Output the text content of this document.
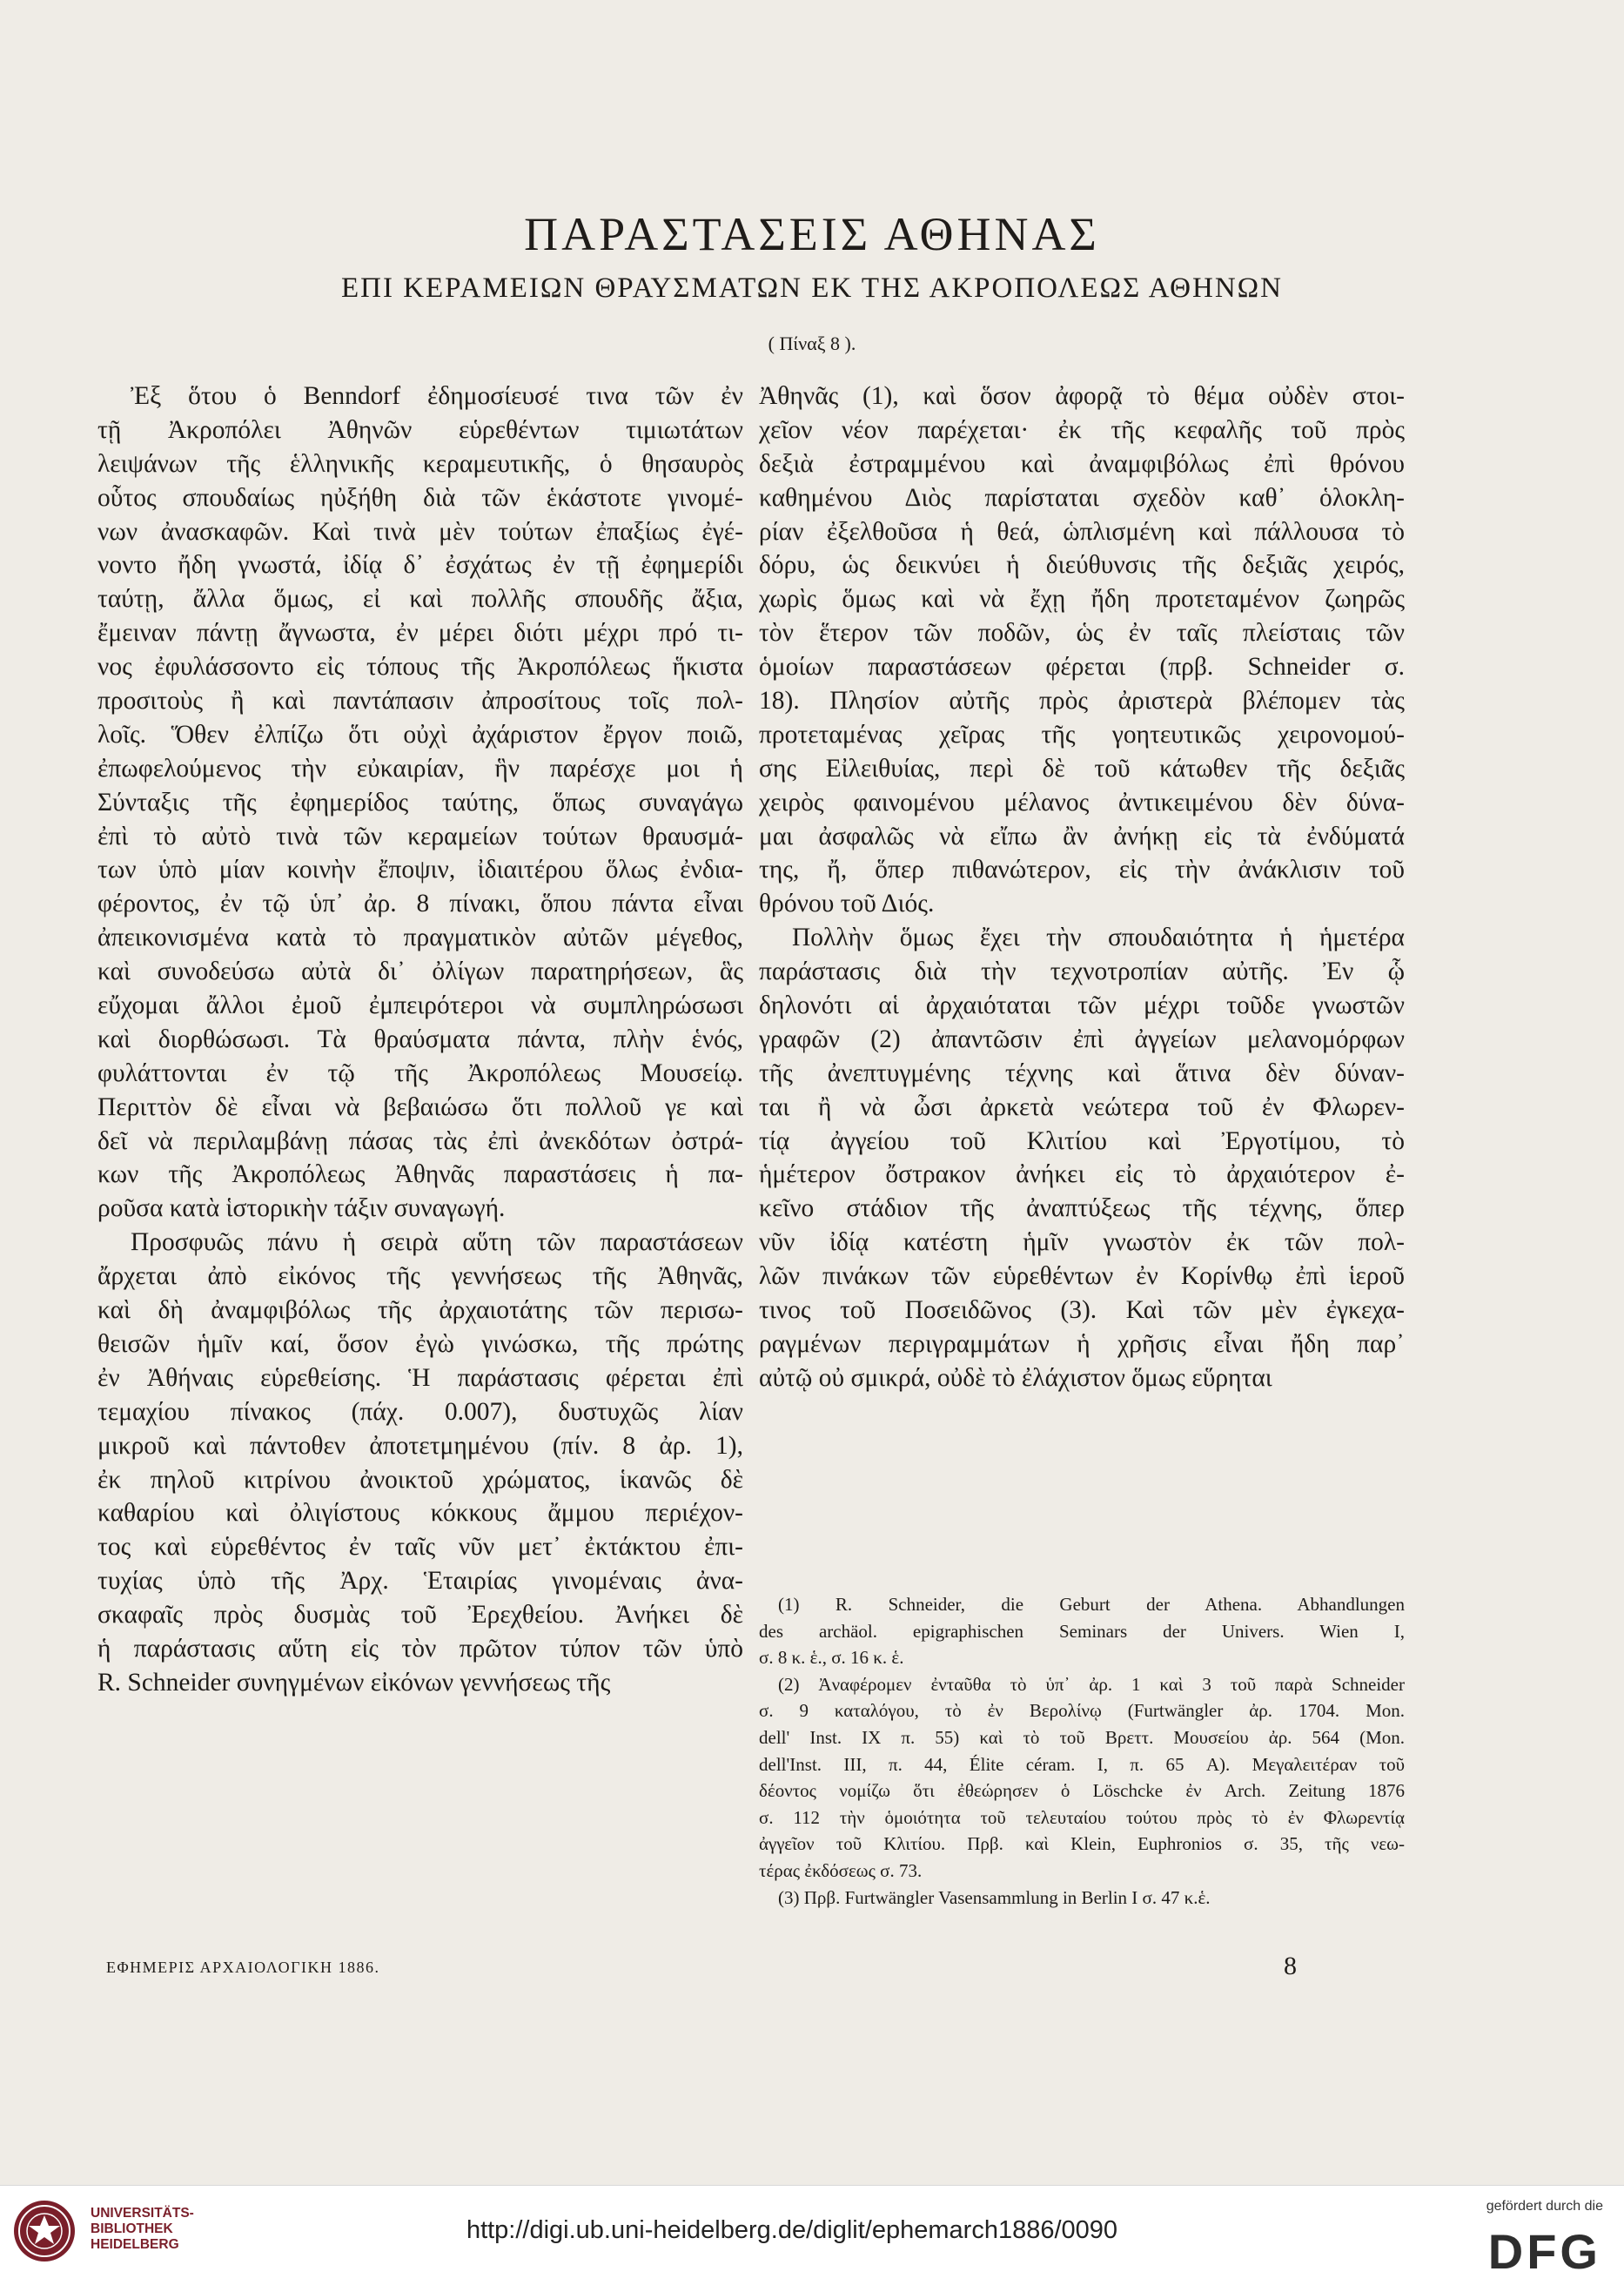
ΠΑΡΑΣΤΑΣΕΙΣ ΑΘΗΝΑΣ
ΕΠΙ ΚΕΡΑΜΕΙΩΝ ΘΡΑΥΣΜΑΤΩΝ ΕΚ ΤΗΣ ΑΚΡΟΠΟΛΕΩΣ ΑΘΗΝΩΝ
( Πίναξ 8 ).
Ἐξ ὅτου ὁ Benndorf ἐδημοσίευσέ τινα τῶν ἐν
τῇ Ἀκροπόλει Ἀθηνῶν εὑρεθέντων τιμιωτάτων
λειψάνων τῆς ἑλληνικῆς κεραμευτικῆς, ὁ θησαυρὸς
οὗτος σπουδαίως ηὐξήθη διὰ τῶν ἑκάστοτε γινομέ-
νων ἀνασκαφῶν. Καὶ τινὰ μὲν τούτων ἐπαξίως ἐγέ-
νοντο ἤδη γνωστά, ἰδίᾳ δ᾽ ἐσχάτως ἐν τῇ ἐφημερίδι
ταύτῃ, ἄλλα ὅμως, εἰ καὶ πολλῆς σπουδῆς ἄξια,
ἔμειναν πάντῃ ἄγνωστα, ἐν μέρει διότι μέχρι πρό τι-
νος ἐφυλάσσοντο εἰς τόπους τῆς Ἀκροπόλεως ἥκιστα
προσιτοὺς ἢ καὶ παντάπασιν ἀπροσίτους τοῖς πολ-
λοῖς. Ὅθεν ἐλπίζω ὅτι οὐχὶ ἀχάριστον ἔργον ποιῶ,
ἐπωφελούμενος τὴν εὐκαιρίαν, ἣν παρέσχε μοι ἡ
Σύνταξις τῆς ἐφημερίδος ταύτης, ὅπως συναγάγω
ἐπὶ τὸ αὐτὸ τινὰ τῶν κεραμείων τούτων θραυσμά-
των ὑπὸ μίαν κοινὴν ἔποψιν, ἰδιαιτέρου ὅλως ἐνδια-
φέροντος, ἐν τῷ ὑπ᾽ ἀρ. 8 πίνακι, ὅπου πάντα εἶναι
ἀπεικονισμένα κατὰ τὸ πραγματικὸν αὐτῶν μέγεθος,
καὶ συνοδεύσω αὐτὰ δι᾽ ὀλίγων παρατηρήσεων, ἃς
εὔχομαι ἄλλοι ἐμοῦ ἐμπειρότεροι νὰ συμπληρώσωσι
καὶ διορθώσωσι. Τὰ θραύσματα πάντα, πλὴν ἑνός,
φυλάττονται ἐν τῷ τῆς Ἀκροπόλεως Μουσείῳ.
Περιττὸν δὲ εἶναι νὰ βεβαιώσω ὅτι πολλοῦ γε καὶ
δεῖ νὰ περιλαμβάνῃ πάσας τὰς ἐπὶ ἀνεκδότων ὀστρά-
κων τῆς Ἀκροπόλεως Ἀθηνᾶς παραστάσεις ἡ πα-
ροῦσα κατὰ ἱστορικὴν τάξιν συναγωγή.
Προσφυῶς πάνυ ἡ σειρὰ αὕτη τῶν παραστάσεων
ἄρχεται ἀπὸ εἰκόνος τῆς γεννήσεως τῆς Ἀθηνᾶς,
καὶ δὴ ἀναμφιβόλως τῆς ἀρχαιοτάτης τῶν περισω-
θεισῶν ἡμῖν καί, ὅσον ἐγὼ γινώσκω, τῆς πρώτης
ἐν Ἀθήναις εὑρεθείσης. Ἡ παράστασις φέρεται ἐπὶ
τεμαχίου πίνακος (πάχ. 0.007), δυστυχῶς λίαν
μικροῦ καὶ πάντοθεν ἀποτετμημένου (πίν. 8 ἀρ. 1),
ἐκ πηλοῦ κιτρίνου ἀνοικτοῦ χρώματος, ἱκανῶς δὲ
καθαρίου καὶ ὀλιγίστους κόκκους ἄμμου περιέχον-
τος καὶ εὑρεθέντος ἐν ταῖς νῦν μετ᾽ ἐκτάκτου ἐπι-
τυχίας ὑπὸ τῆς Ἀρχ. Ἑταιρίας γινομέναις ἀνα-
σκαφαῖς πρὸς δυσμὰς τοῦ Ἐρεχθείου. Ἀνήκει δὲ
ἡ παράστασις αὕτη εἰς τὸν πρῶτον τύπον τῶν ὑπὸ
R. Schneider συνηγμένων εἰκόνων γεννήσεως τῆς
Ἀθηνᾶς (1), καὶ ὅσον ἀφορᾷ τὸ θέμα οὐδὲν στοι-
χεῖον νέον παρέχεται· ἐκ τῆς κεφαλῆς τοῦ πρὸς
δεξιὰ ἐστραμμένου καὶ ἀναμφιβόλως ἐπὶ θρόνου
καθημένου Διὸς παρίσταται σχεδὸν καθ᾽ ὁλοκλη-
ρίαν ἐξελθοῦσα ἡ θεά, ὡπλισμένη καὶ πάλλουσα τὸ
δόρυ, ὡς δεικνύει ἡ διεύθυνσις τῆς δεξιᾶς χειρός,
χωρὶς ὅμως καὶ νὰ ἔχῃ ἤδη προτεταμένον ζωηρῶς
τὸν ἕτερον τῶν ποδῶν, ὡς ἐν ταῖς πλείσταις τῶν
ὁμοίων παραστάσεων φέρεται (πρβ. Schneider σ.
18). Πλησίον αὐτῆς πρὸς ἀριστερὰ βλέπομεν τὰς
προτεταμένας χεῖρας τῆς γοητευτικῶς χειρονομού-
σης Εἰλειθυίας, περὶ δὲ τοῦ κάτωθεν τῆς δεξιᾶς
χειρὸς φαινομένου μέλανος ἀντικειμένου δὲν δύνα-
μαι ἀσφαλῶς νὰ εἴπω ἂν ἀνήκῃ εἰς τὰ ἐνδύματά
της, ἤ, ὅπερ πιθανώτερον, εἰς τὴν ἀνάκλισιν τοῦ
θρόνου τοῦ Διός.
Πολλὴν ὅμως ἔχει τὴν σπουδαιότητα ἡ ἡμετέρα
παράστασις διὰ τὴν τεχνοτροπίαν αὐτῆς. Ἐν ᾧ
δηλονότι αἱ ἀρχαιόταται τῶν μέχρι τοῦδε γνωστῶν
γραφῶν (2) ἀπαντῶσιν ἐπὶ ἀγγείων μελανομόρφων
τῆς ἀνεπτυγμένης τέχνης καὶ ἅτινα δὲν δύναν-
ται ἢ νὰ ὦσι ἀρκετὰ νεώτερα τοῦ ἐν Φλωρεν-
τίᾳ ἀγγείου τοῦ Κλιτίου καὶ Ἐργοτίμου, τὸ
ἡμέτερον ὄστρακον ἀνήκει εἰς τὸ ἀρχαιότερον ἐ-
κεῖνο στάδιον τῆς ἀναπτύξεως τῆς τέχνης, ὅπερ
νῦν ἰδίᾳ κατέστη ἡμῖν γνωστὸν ἐκ τῶν πολ-
λῶν πινάκων τῶν εὑρεθέντων ἐν Κορίνθῳ ἐπὶ ἱεροῦ
τινος τοῦ Ποσειδῶνος (3). Καὶ τῶν μὲν ἐγκεχα-
ραγμένων περιγραμμάτων ἡ χρῆσις εἶναι ἤδη παρ᾽
αὐτῷ οὐ σμικρά, οὐδὲ τὸ ἐλάχιστον ὅμως εὕρηται
(1) R. Schneider, die Geburt der Athena. Abhandlungen
des archäol. epigraphischen Seminars der Univers. Wien I,
σ. 8 κ. ἑ., σ. 16 κ. ἑ.
(2) Ἀναφέρομεν ἐνταῦθα τὸ ὑπ᾽ ἀρ. 1 καὶ 3 τοῦ παρὰ Schneider
σ. 9 καταλόγου, τὸ ἐν Βερολίνῳ (Furtwängler ἀρ. 1704. Mon.
dell' Inst. IX π. 55) καὶ τὸ τοῦ Βρεττ. Μουσείου ἀρ. 564 (Mon.
dell'Inst. III, π. 44, Élite céram. I, π. 65 A). Μεγαλειτέραν τοῦ
δέοντος νομίζω ὅτι ἐθεώρησεν ὁ Löschcke ἐν Arch. Zeitung 1876
σ. 112 τὴν ὁμοιότητα τοῦ τελευταίου τούτου πρὸς τὸ ἐν Φλωρεντίᾳ
ἀγγεῖον τοῦ Κλιτίου. Πρβ. καὶ Klein, Euphronios σ. 35, τῆς νεω-
τέρας ἐκδόσεως σ. 73.
(3) Πρβ. Furtwängler Vasensammlung in Berlin I σ. 47 κ.ἑ.
ΕΦΗΜΕΡΙΣ ΑΡΧΑΙΟΛΟΓΙΚΗ 1886.	8
UNIVERSITÄTS-
BIBLIOTHEK
HEIDELBERG
http://digi.ub.uni-heidelberg.de/diglit/ephemarch1886/0090
gefördert durch die
DFG
